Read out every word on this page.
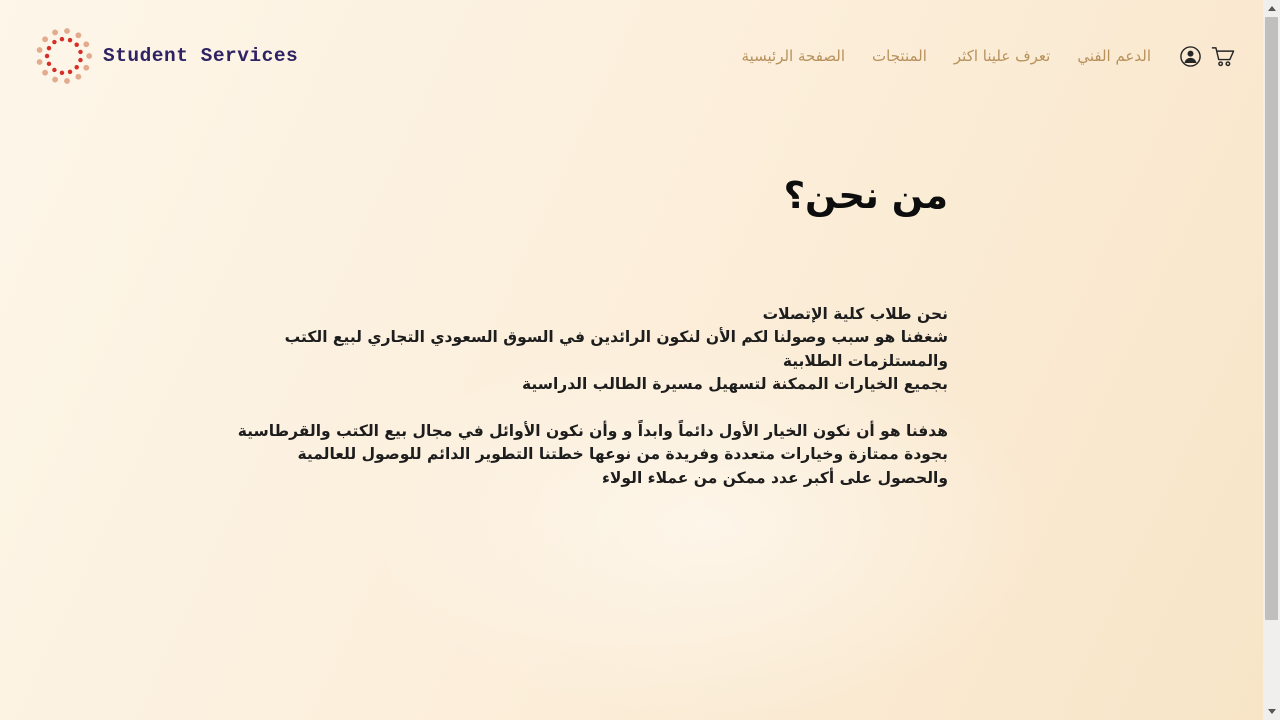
Student Services	الصفحة الرئيسية المنتجات تعرف علينا اكثر الدعم الفني
من نحن؟
نحن طلاب كلية الإتصلات
شغفنا هو سبب وصولنا لكم الأن لنكون الرائدين في السوق السعودي التجاري لبيع الكتب
والمستلزمات الطلابية
بجميع الخيارات الممكنة لتسهيل مسيرة الطالب الدراسية
هدفنا هو أن نكون الخيار الأول دائماً وابداً و وأن نكون الأوائل في مجال بيع الكتب والقرطاسية
بجودة ممتازة وخيارات متعددة وفريدة من نوعها خطتنا التطوير الدائم للوصول للعالمية
والحصول على أكبر عدد ممكن من عملاء الولاء
